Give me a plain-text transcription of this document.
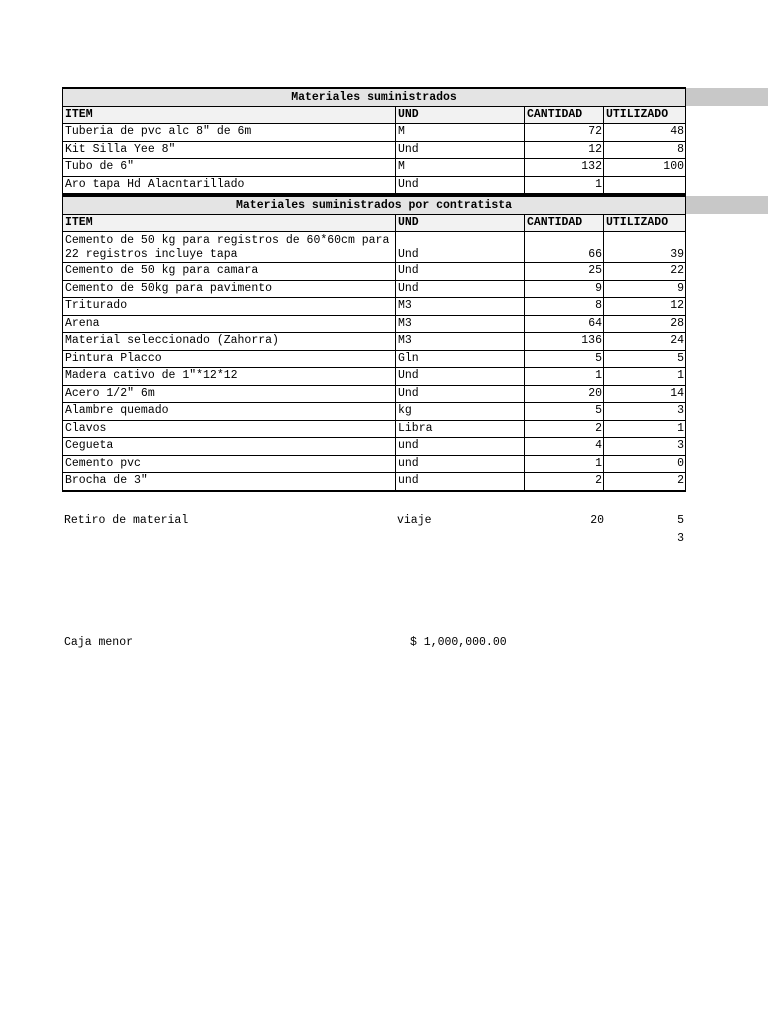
Materiales suministrados			
ITEM	UND	CANTIDAD	UTILIZADO
Tuberia de pvc alc 8" de 6m	M	72	48
Kit Silla Yee 8"	Und	12	8
Tubo de 6"	M	132	100
Aro tapa Hd Alacntarillado	Und	1	
Materiales suministrados por contratista			
ITEM	UND	CANTIDAD	UTILIZADO
Cemento de 50 kg para registros de 60*60cm para 22 registros incluye tapa	Und	66	39
Cemento de 50 kg para camara	Und	25	22
Cemento de 50kg para pavimento	Und	9	9
Triturado	M3	8	12
Arena	M3	64	28
Material seleccionado (Zahorra)	M3	136	24
Pintura Placco	Gln	5	5
Madera cativo de 1"*12*12	Und	1	1
Acero 1/2" 6m	Und	20	14
Alambre quemado	kg	5	3
Clavos	Libra	2	1
Cegueta	und	4	3
Cemento pvc	und	1	0
Brocha de 3"	und	2	2
Retiro de material	viaje	20	5
3
Caja menor	$ 1,000,000.00
